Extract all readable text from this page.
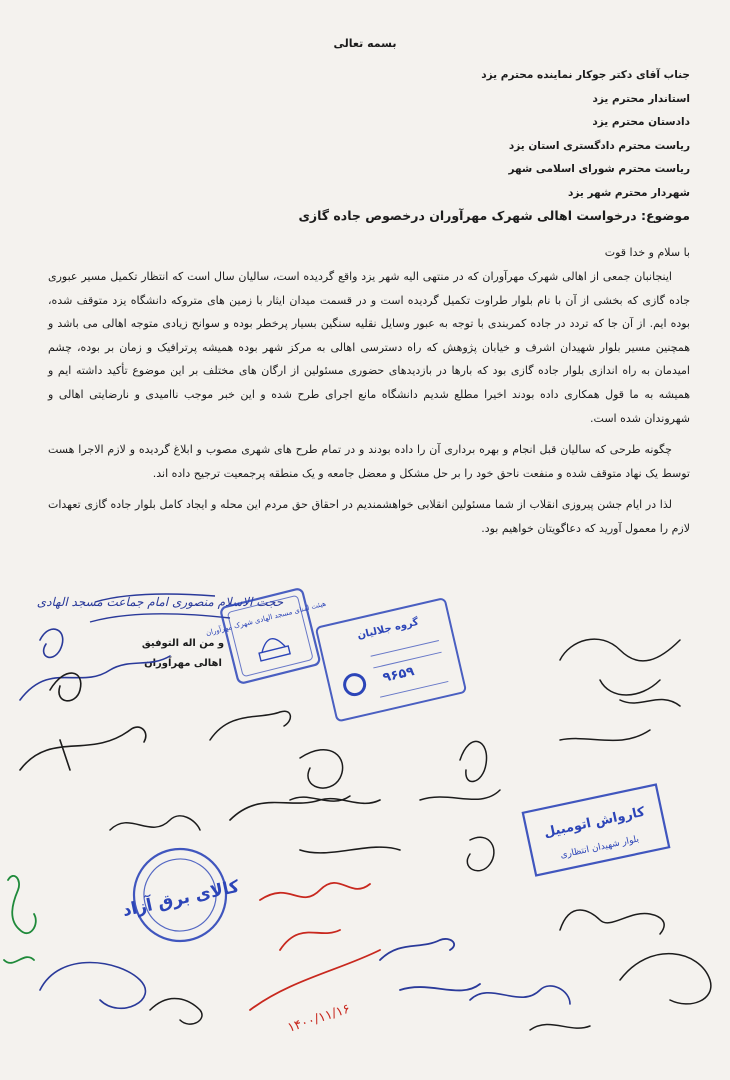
بسمه تعالی
جناب آقای دکتر جوکار نماینده محترم یزد
استاندار محترم یزد
دادستان محترم یزد
ریاست محترم دادگستری استان یزد
ریاست محترم شورای اسلامی شهر
شهردار محترم شهر یزد
موضوع: درخواست اهالی شهرک مهرآوران درخصوص جاده گازی
با سلام و خدا قوت

اینجانبان جمعی از اهالی شهرک مهرآوران که در منتهی الیه شهر یزد واقع گردیده است، سالیان سال است که انتظار تکمیل مسیر عبوری جاده گازی که بخشی از آن با نام بلوار طراوت تکمیل گردیده است و در قسمت میدان ایثار با زمین های متروکه دانشگاه یزد متوقف شده، بوده ایم. از آن جا که تردد در جاده کمربندی با توجه به عبور وسایل نقلیه سنگین بسیار پرخطر بوده و سوانح زیادی متوجه اهالی می باشد و همچنین مسیر بلوار شهیدان اشرف و خیابان پژوهش که راه دسترسی اهالی به مرکز شهر بوده همیشه پرترافیک و زمان بر بوده، چشم امیدمان به راه اندازی بلوار جاده گازی بود که بارها در بازدیدهای حضوری مسئولین از ارگان های مختلف بر این موضوع تأکید داشته ایم و همیشه به ما قول همکاری داده بودند اخیرا مطلع شدیم دانشگاه مانع اجرای طرح شده و این خبر موجب ناامیدی و نارضایتی اهالی و شهروندان شده است.

چگونه طرحی که سالیان قبل انجام و بهره برداری آن را داده بودند و در تمام طرح های شهری مصوب و ابلاغ گردیده و لازم الاجرا هست توسط یک نهاد متوقف شده و منفعت ناحق خود را بر حل مشکل و معضل جامعه و یک منطقه پرجمعیت ترجیح داده اند.

لذا در ایام جشن پیروزی انقلاب از شما مسئولین انقلابی خواهشمندیم در احقاق حق مردم این محله و ایجاد کامل بلوار جاده گازی تعهدات لازم را معمول آورید که دعاگویتان خواهیم بود.

و من اله التوفیق
اهالی مهرآوران
حجت الاسلام منصوری امام جماعت مسجد الهادی
هیئت امنای مسجد الهادی شهرک مهرآوران	گروه جلالیان
۹۶۵۹
کالای برق آزاد
کارواش اتومبیل
بلوار شهیدان انتظاری
۱۴۰۰/۱۱/۱۶
